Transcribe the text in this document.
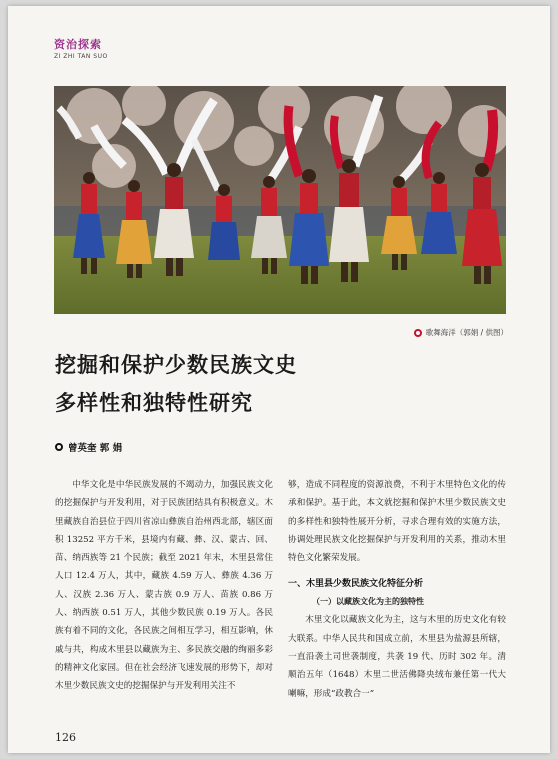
资治探索
ZI ZHI TAN SUO
歌舞海洋（郭娟 / 供图）
挖掘和保护少数民族文史
多样性和独特性研究
曾英奎 郭 娟

中华文化是中华民族发展的不竭动力，加强民族文化的挖掘保护与开发利用，对于民族团结具有积极意义。木里藏族自治县位于四川省凉山彝族自治州西北部，辖区面积 13252 平方千米，县境内有藏、彝、汉、蒙古、回、苗、纳西族等 21 个民族；截至 2021 年末，木里县常住人口 12.4 万人，其中，藏族 4.59 万人、彝族 4.36 万人、汉族 2.36 万人、蒙古族 0.9 万人、苗族 0.86 万人、纳西族 0.51 万人，其他少数民族 0.19 万人。各民族有着不同的文化，各民族之间相互学习，相互影响，休戚与共，构成木里县以藏族为主、多民族交融的绚丽多彩的精神文化家园。但在社会经济飞速发展的形势下，却对木里少数民族文史的挖掘保护与开发利用关注不

够，造成不同程度的资源浪费，不利于木里特色文化的传承和保护。基于此，本文就挖掘和保护木里少数民族文史的多样性和独特性展开分析，寻求合理有效的实施方法，协调处理民族文化挖掘保护与开发利用的关系，推动木里特色文化繁荣发展。

一、木里县少数民族文化特征分析
（一）以藏族文化为主的独特性

木里文化以藏族文化为主，这与木里的历史文化有较大联系。中华人民共和国成立前，木里县为盐源县所辖，一直沿袭土司世袭制度，共袭 19 代、历时 302 年。清顺治五年（1648）木里二世活佛降央绒布兼任第一代大喇嘛，形成“政教合一”

126
